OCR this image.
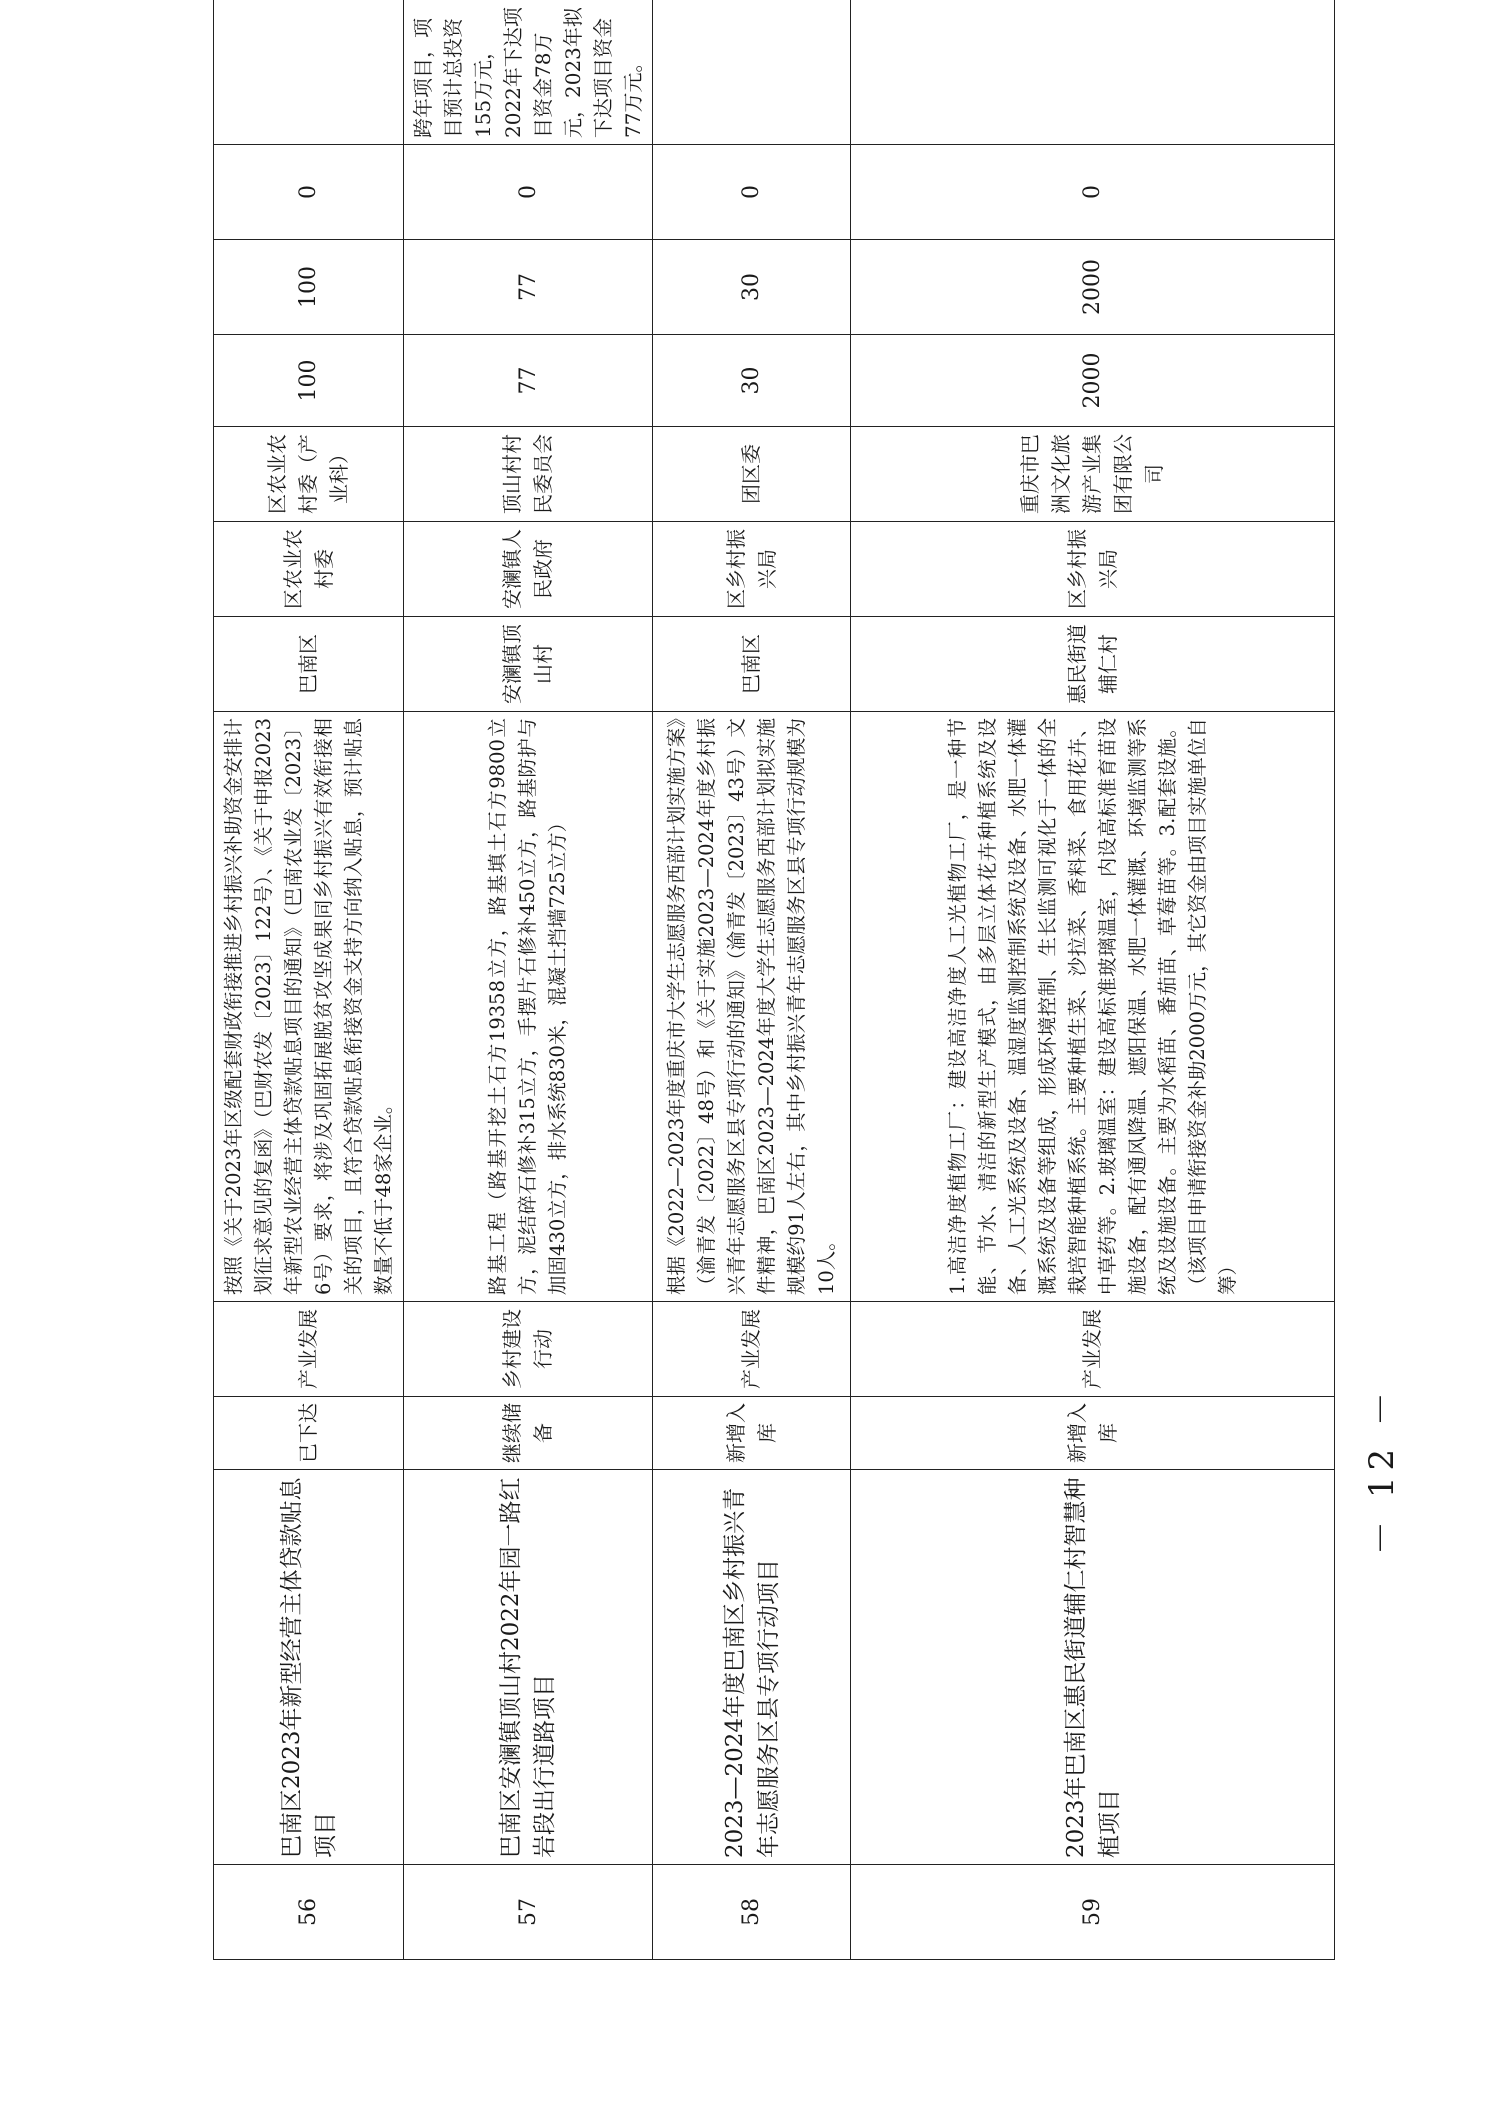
56	巴南区2023年新型经营主体贷款贴息项目	已下达	产业发展	按照《关于2023年区级配套财政衔接推进乡村振兴补助资金安排计划征求意见的复函》（巴财农发〔2023〕122号）、《关于申报2023年新型农业经营主体贷款贴息项目的通知》（巴南农业发〔2023〕6号）要求，将涉及巩固拓展脱贫攻坚成果同乡村振兴有效衔接相关的项目，且符合贷款贴息衔接资金支持方向纳入贴息，预计贴息数量不低于48家企业。	巴南区	区农业农村委	区农业农村委（产业科）	100	100	0	
57	巴南区安澜镇顶山村2022年园一路红岩段出行道路项目	继续储备	乡村建设行动	路基工程（路基开挖土石方19358立方，路基填土石方9800立方，泥结碎石修补315立方，手摆片石修补450立方，路基防护与加固430立方，排水系统830米，混凝土挡墙725立方）	安澜镇顶山村	安澜镇人民政府	顶山村村民委员会	77	77	0	跨年项目，项目预计总投资155万元，2022年下达项目资金78万元，2023年拟下达项目资金77万元。
58	2023—2024年度巴南区乡村振兴青年志愿服务区县专项行动项目	新增入库	产业发展	根据《2022—2023年度重庆市大学生志愿服务西部计划实施方案》（渝青发〔2022〕48号）和《关于实施2023—2024年度乡村振兴青年志愿服务区县专项行动的通知》（渝青发〔2023〕43号）文件精神，巴南区2023—2024年度大学生志愿服务西部计划拟实施规模约91人左右，其中乡村振兴青年志愿服务区县专项行动规模为10人。	巴南区	区乡村振兴局	团区委	30	30	0	
59	2023年巴南区惠民街道辅仁村智慧种植项目	新增入库	产业发展	1.高洁净度植物工厂：建设高洁净度人工光植物工厂，是一种节能、节水、清洁的新型生产模式，由多层立体花卉种植系统及设备、人工光系统及设备、温湿度监测控制系统及设备、水肥一体灌溉系统及设备等组成，形成环境控制、生长监测可视化于一体的全栽培智能种植系统。主要种植生菜、沙拉菜、香料菜、食用花卉、中草药等。2.玻璃温室：建设高标准玻璃温室，内设高标准育苗设施设备，配有通风降温、遮阳保温、水肥一体灌溉、环境监测等系统及设施设备。主要为水稻苗、番茄苗、草莓苗等。3.配套设施。（该项目申请衔接资金补助2000万元，其它资金由项目实施单位自筹）	惠民街道辅仁村	区乡村振兴局	重庆市巴洲文化旅游产业集团有限公司	2000	2000	0	
－ 12 －
